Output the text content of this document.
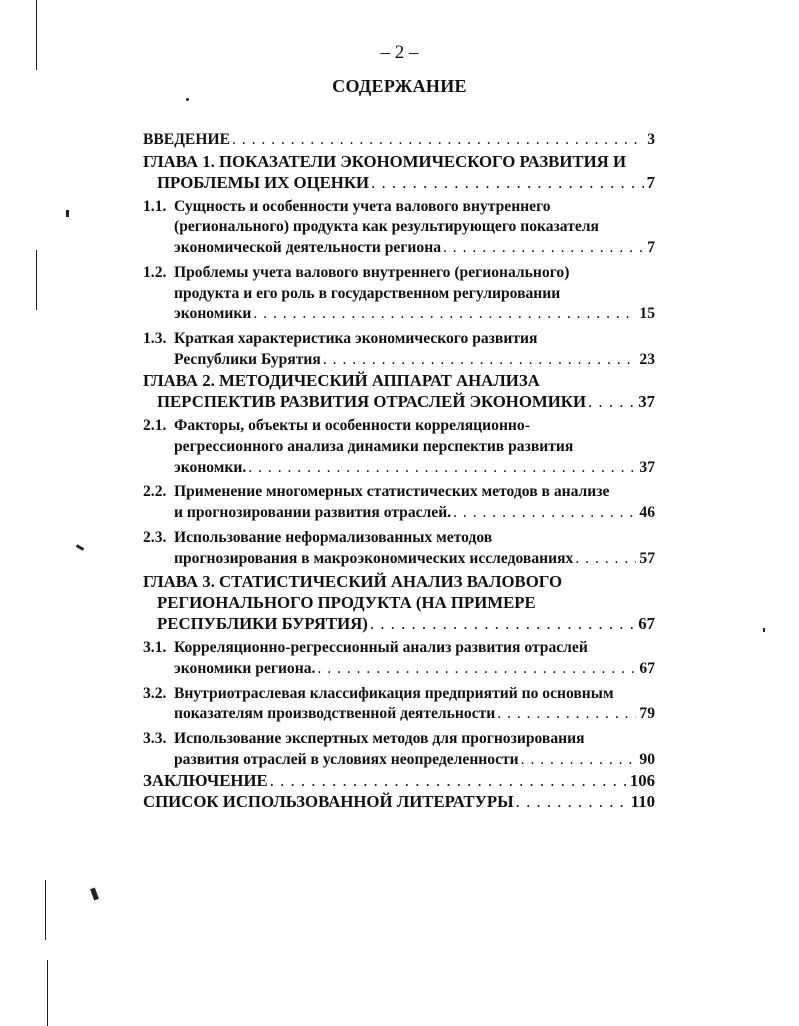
– 2 –
СОДЕРЖАНИЕ
ВВЕДЕНИЕ . . .	3
ГЛАВА 1. ПОКАЗАТЕЛИ ЭКОНОМИЧЕСКОГО РАЗВИТИЯ И
ПРОБЛЕМЫ ИХ ОЦЕНКИ . . .	7
1.1. Сущность и особенности учета валового внутреннего
(регионального) продукта как результирующего показателя
экономической деятельности региона . . .	7
1.2. Проблемы учета валового внутреннего (регионального)
продукта и его роль в государственном регулировании
экономики . . .	15
1.3. Краткая характеристика экономического развития
Республики Бурятия . . .	23
ГЛАВА 2. МЕТОДИЧЕСКИЙ АППАРАТ АНАЛИЗА
ПЕРСПЕКТИВ РАЗВИТИЯ ОТРАСЛЕЙ ЭКОНОМИКИ . . .	37
2.1. Факторы, объекты и особенности корреляционно-
регрессионного анализа динамики перспектив развития
экономки. . . .	37
2.2. Применение многомерных статистических методов в анализе
и прогнозировании развития отраслей. . . .	46
2.3. Использование неформализованных методов
прогнозирования в макроэкономических исследованиях . . .	57
ГЛАВА 3. СТАТИСТИЧЕСКИЙ АНАЛИЗ ВАЛОВОГО
РЕГИОНАЛЬНОГО ПРОДУКТА (НА ПРИМЕРЕ
РЕСПУБЛИКИ БУРЯТИЯ) . . .	67
3.1. Корреляционно-регрессионный анализ развития отраслей
экономики региона. . . .	67
3.2. Внутриотраслевая классификация предприятий по основным
показателям производственной деятельности . . .	79
3.3. Использование экспертных методов для прогнозирования
развития отраслей в условиях неопределенности . . .	90
ЗАКЛЮЧЕНИЕ . . .	106
СПИСОК ИСПОЛЬЗОВАННОЙ ЛИТЕРАТУРЫ . . .	110
